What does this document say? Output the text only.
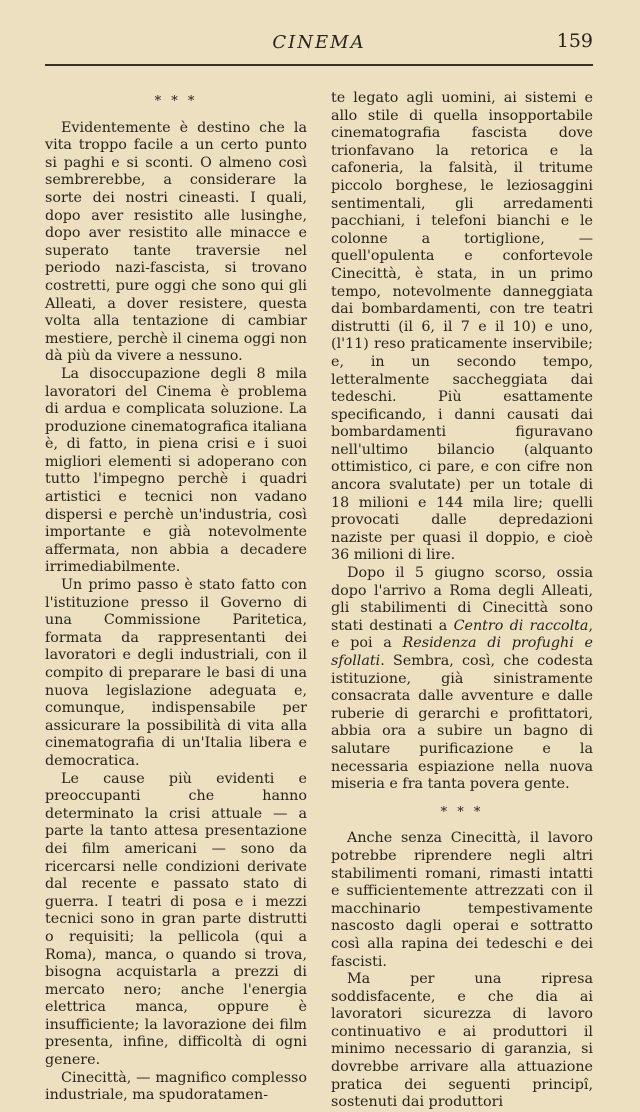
CINEMA	159
* * *

Evidentemente è destino che la vita troppo facile a un certo punto si paghi e si sconti. O almeno così sembrerebbe, a considerare la sorte dei nostri cineasti. I quali, dopo aver resistito alle lusinghe, dopo aver resistito alle minacce e superato tante traversie nel periodo nazi-fascista, si trovano costretti, pure oggi che sono qui gli Alleati, a dover resistere, questa volta alla tentazione di cambiar mestiere, perchè il cinema oggi non dà più da vivere a nessuno.

La disoccupazione degli 8 mila lavoratori del Cinema è problema di ardua e complicata soluzione. La produzione cinematografica italiana è, di fatto, in piena crisi e i suoi migliori elementi si adoperano con tutto l'impegno perchè i quadri artistici e tecnici non vadano dispersi e perchè un'industria, così importante e già notevolmente affermata, non abbia a decadere irrimediabilmente.

Un primo passo è stato fatto con l'istituzione presso il Governo di una Commissione Paritetica, formata da rappresentanti dei lavoratori e degli industriali, con il compito di preparare le basi di una nuova legislazione adeguata e, comunque, indispensabile per assicurare la possibilità di vita alla cinematografia di un'Italia libera e democratica.

Le cause più evidenti e preoccupanti che hanno determinato la crisi attuale — a parte la tanto attesa presentazione dei film americani — sono da ricercarsi nelle condizioni derivate dal recente e passato stato di guerra. I teatri di posa e i mezzi tecnici sono in gran parte distrutti o requisiti; la pellicola (qui a Roma), manca, o quando si trova, bisogna acquistarla a prezzi di mercato nero; anche l'energia elettrica manca, oppure è insufficiente; la lavorazione dei film presenta, infine, difficoltà di ogni genere.

Cinecittà, — magnifico complesso industriale, ma spudoratamen-

te legato agli uomini, ai sistemi e allo stile di quella insopportabile cinematografia fascista dove trionfavano la retorica e la cafoneria, la falsità, il tritume piccolo borghese, le leziosaggini sentimentali, gli arredamenti pacchiani, i telefoni bianchi e le colonne a tortiglione, — quell'opulenta e confortevole Cinecittà, è stata, in un primo tempo, notevolmente danneggiata dai bombardamenti, con tre teatri distrutti (il 6, il 7 e il 10) e uno, (l'11) reso praticamente inservibile; e, in un secondo tempo, letteralmente saccheggiata dai tedeschi. Più esattamente specificando, i danni causati dai bombardamenti figuravano nell'ultimo bilancio (alquanto ottimistico, ci pare, e con cifre non ancora svalutate) per un totale di 18 milioni e 144 mila lire; quelli provocati dalle depredazioni naziste per quasi il doppio, e cioè 36 milioni di lire.

Dopo il 5 giugno scorso, ossia dopo l'arrivo a Roma degli Alleati, gli stabilimenti di Cinecittà sono stati destinati a Centro di raccolta, e poi a Residenza di profughi e sfollati. Sembra, così, che codesta istituzione, già sinistramente consacrata dalle avventure e dalle ruberie di gerarchi e profittatori, abbia ora a subire un bagno di salutare purificazione e la necessaria espiazione nella nuova miseria e fra tanta povera gente.

* * *

Anche senza Cinecittà, il lavoro potrebbe riprendere negli altri stabilimenti romani, rimasti intatti e sufficientemente attrezzati con il macchinario tempestivamente nascosto dagli operai e sottratto così alla rapina dei tedeschi e dei fascisti.

Ma per una ripresa soddisfacente, e che dia ai lavoratori sicurezza di lavoro continuativo e ai produttori il minimo necessario di garanzia, si dovrebbe arrivare alla attuazione pratica dei seguenti principî, sostenuti dai produttori
